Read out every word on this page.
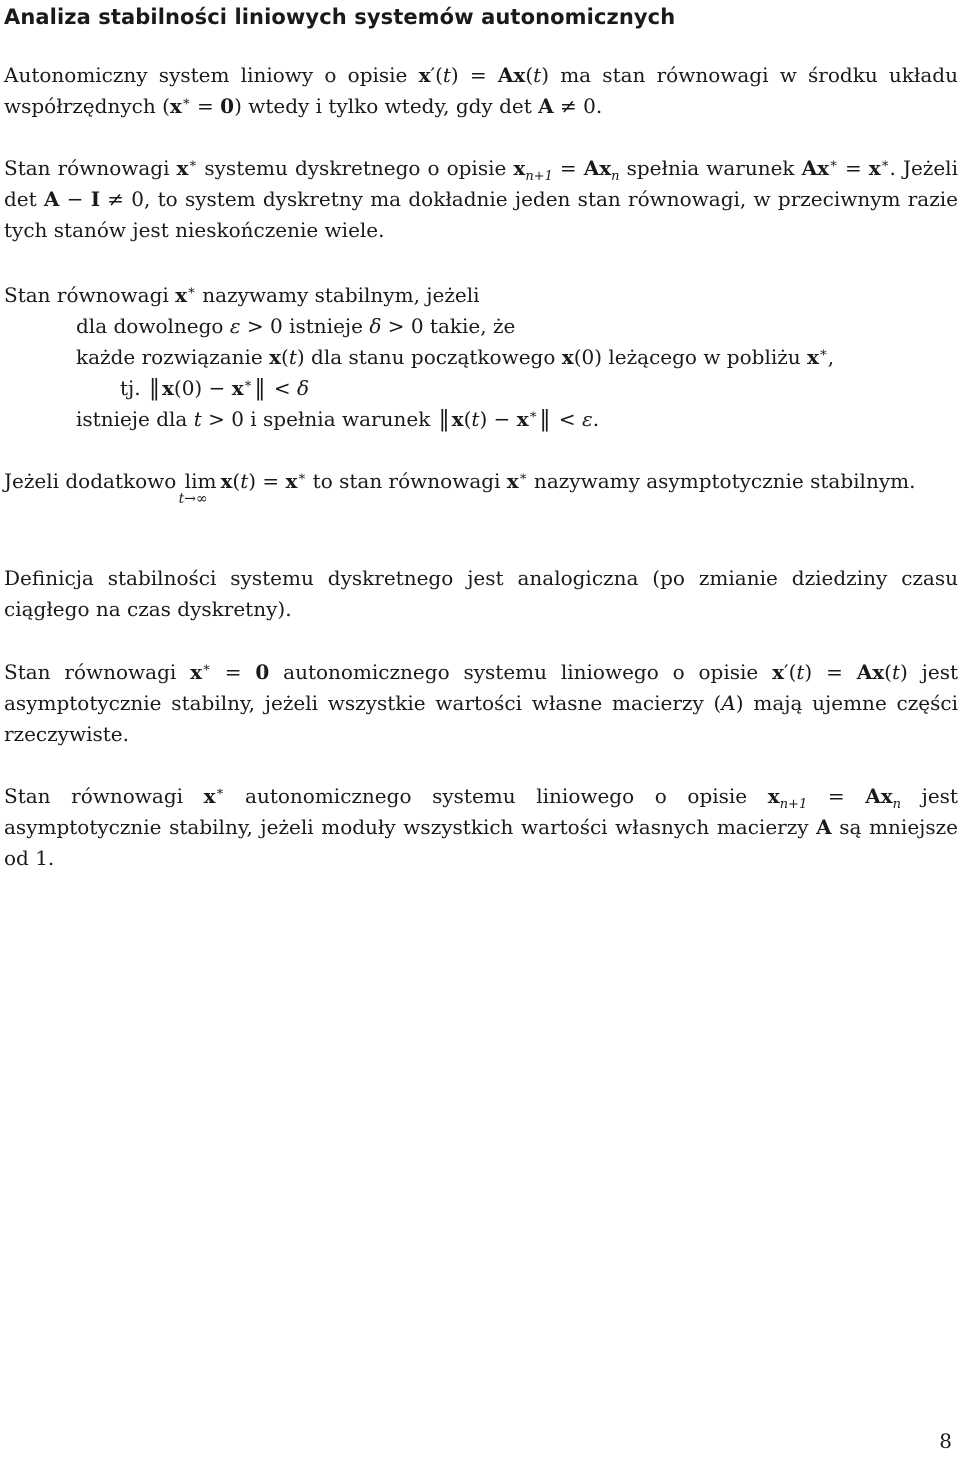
Analiza stabilności liniowych systemów autonomicznych

Autonomiczny system liniowy o opisie x′(t) = Ax(t) ma stan równowagi w środku układu współrzędnych (x∗ = 0) wtedy i tylko wtedy, gdy det A ≠ 0.

Stan równowagi x∗ systemu dyskretnego o opisie $x_{n+1} = Ax_n$ spełnia warunek Ax∗ = x∗. Jeżeli det A − I ≠ 0, to system dyskretny ma dokładnie jeden stan równowagi, w przeciwnym razie tych stanów jest nieskończenie wiele.

Stan równowagi x∗ nazywamy stabilnym, jeżeli

dla dowolnego ε > 0 istnieje δ > 0 takie, że

każde rozwiązanie x(t) dla stanu początkowego x(0) leżącego w pobliżu x∗,

tj. ‖ x(0) − x∗‖ < δ

istnieje dla t > 0 i spełnia warunek ‖ x(t) − x∗‖ < ε.

Jeżeli dodatkowo lim
t→∞
x(t) = x∗ to stan równowagi x∗ nazywamy asymptotycznie stabilnym.

Definicja stabilności systemu dyskretnego jest analogiczna (po zmianie dziedziny czasu ciągłego na czas dyskretny).

Stan równowagi x∗ = 0 autonomicznego systemu liniowego o opisie x′(t) = Ax(t) jest asymptotycznie stabilny, jeżeli wszystkie wartości własne macierzy (A) mają ujemne części rzeczywiste.

Stan równowagi x∗ autonomicznego systemu liniowego o opisie $x_{n+1} = Ax_n$ jest asymptotycznie stabilny, jeżeli moduły wszystkich wartości własnych macierzy A są mniejsze od 1.

8
